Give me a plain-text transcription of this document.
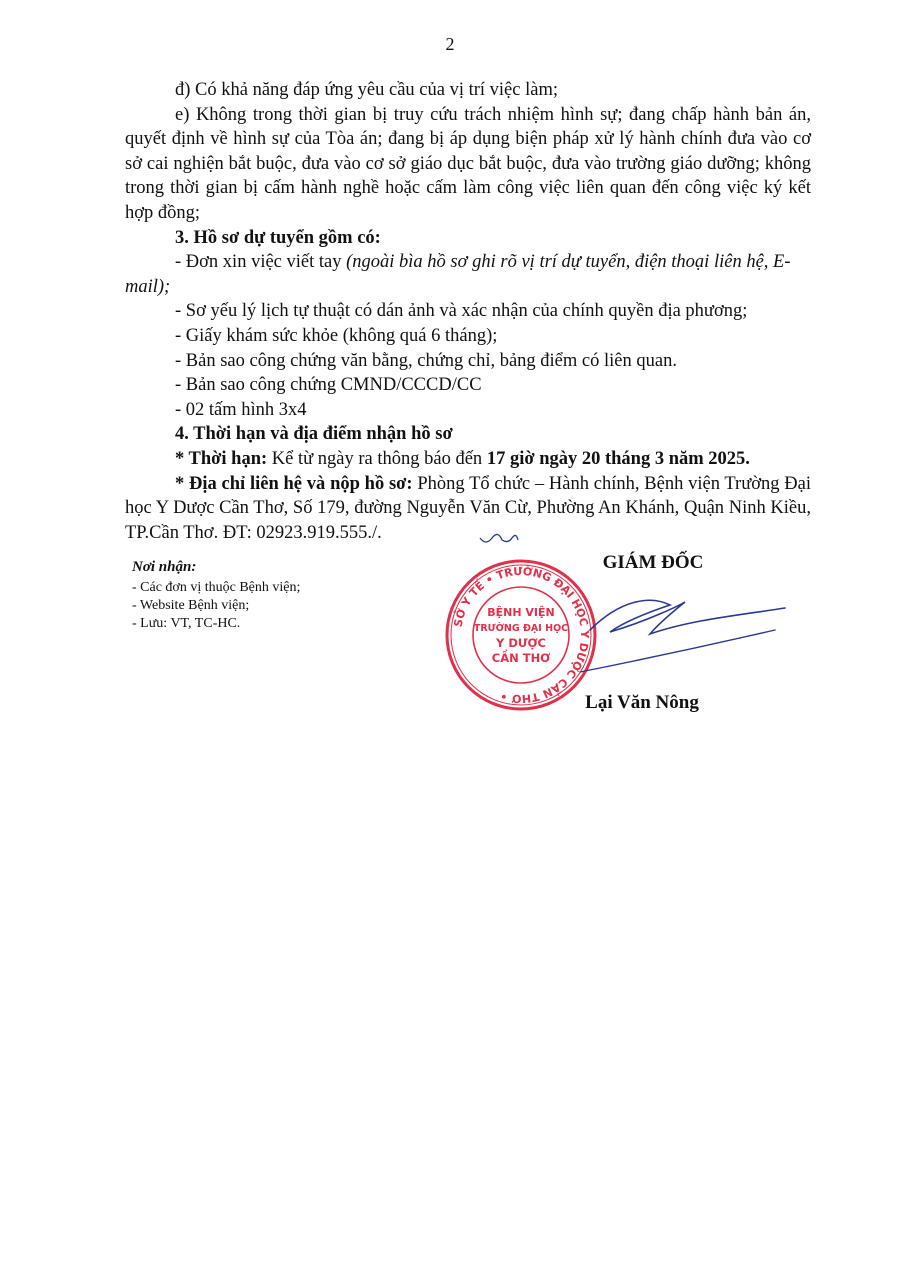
2

đ) Có khả năng đáp ứng yêu cầu của vị trí việc làm;

e) Không trong thời gian bị truy cứu trách nhiệm hình sự; đang chấp hành bản án, quyết định về hình sự của Tòa án; đang bị áp dụng biện pháp xử lý hành chính đưa vào cơ sở cai nghiện bắt buộc, đưa vào cơ sở giáo dục bắt buộc, đưa vào trường giáo dưỡng; không trong thời gian bị cấm hành nghề hoặc cấm làm công việc liên quan đến công việc ký kết hợp đồng;

3. Hồ sơ dự tuyển gồm có:

- Đơn xin việc viết tay (ngoài bìa hồ sơ ghi rõ vị trí dự tuyển, điện thoại liên hệ, E-mail);

- Sơ yếu lý lịch tự thuật có dán ảnh và xác nhận của chính quyền địa phương;

- Giấy khám sức khỏe (không quá 6 tháng);

- Bản sao công chứng văn bằng, chứng chỉ, bảng điểm có liên quan.

- Bản sao công chứng CMND/CCCD/CC

- 02 tấm hình 3x4

4. Thời hạn và địa điểm nhận hồ sơ

* Thời hạn: Kể từ ngày ra thông báo đến 17 giờ ngày 20 tháng 3 năm 2025.

* Địa chỉ liên hệ và nộp hồ sơ: Phòng Tổ chức – Hành chính, Bệnh viện Trường Đại học Y Dược Cần Thơ, Số 179, đường Nguyễn Văn Cừ, Phường An Khánh, Quận Ninh Kiều, TP.Cần Thơ. ĐT: 02923.919.555./.

Nơi nhận:

- Các đơn vị thuộc Bệnh viện;

- Website Bệnh viện;

- Lưu: VT, TC-HC.

GIÁM ĐỐC
SỞ Y TẾ • TRƯỜNG ĐẠI HỌC Y DƯỢC CẦN THƠ •
BỆNH VIỆN
TRƯỜNG ĐẠI HỌC
Y DƯỢC
CẦN THƠ
Lại Văn Nông
